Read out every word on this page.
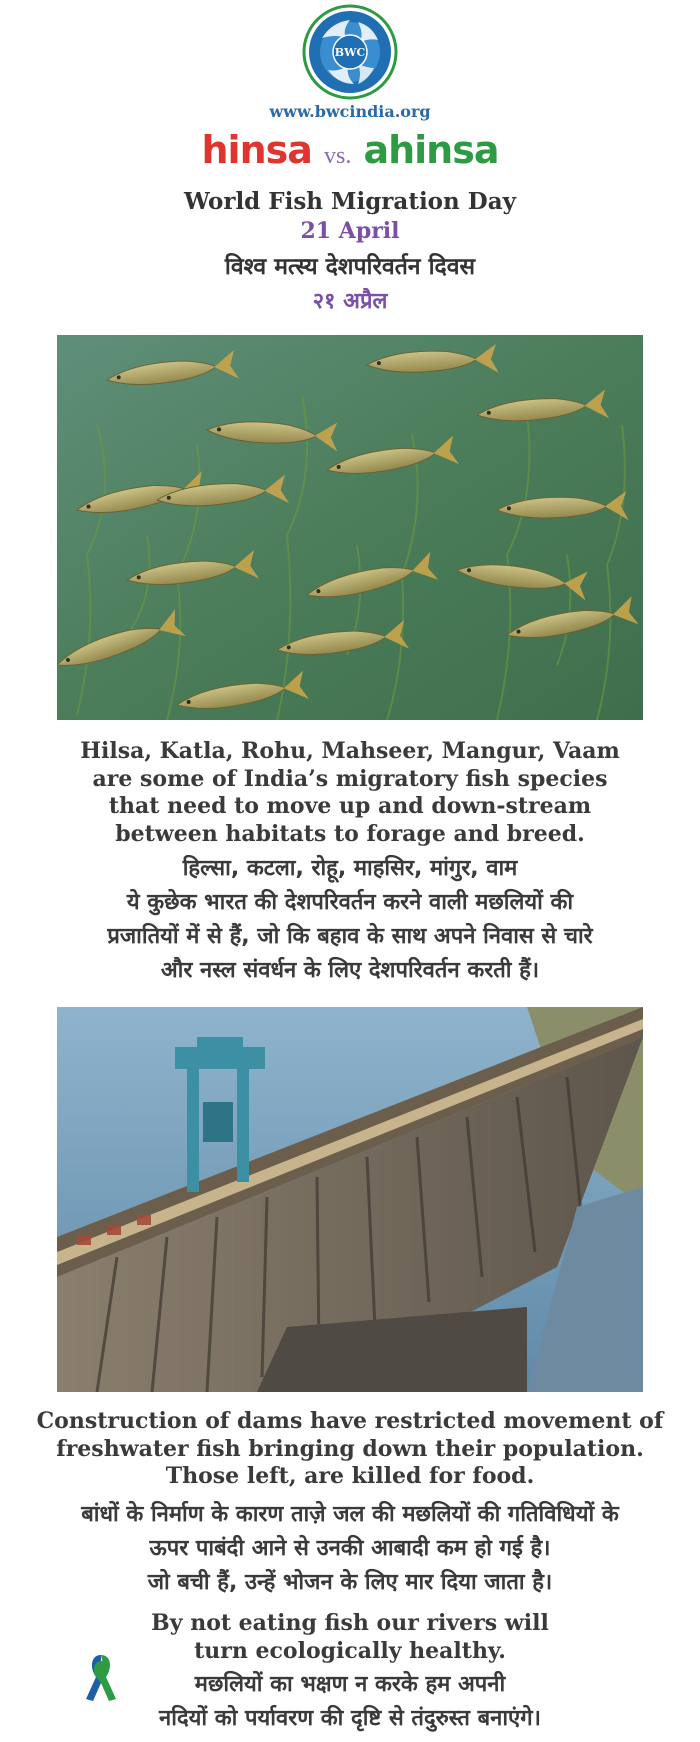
BWC
www.bwcindia.org
hinsa vs. ahinsa
World Fish Migration Day
21 April
विश्व मत्स्य देशपरिवर्तन दिवस
२१ अप्रैल
Hilsa, Katla, Rohu, Mahseer, Mangur, Vaam
are some of India’s migratory fish species
that need to move up and down-stream
between habitats to forage and breed.
हिल्सा, कटला, रोहू, माहसिर, मांगुर, वाम
ये कुछेक भारत की देशपरिवर्तन करने वाली मछलियों की
प्रजातियों में से हैं, जो कि बहाव के साथ अपने निवास से चारे
और नस्ल संवर्धन के लिए देशपरिवर्तन करती हैं।
Construction of dams have restricted movement of
freshwater fish bringing down their population.
Those left, are killed for food.
बांधों के निर्माण के कारण ताज़े जल की मछलियों की गतिविधियों के
ऊपर पाबंदी आने से उनकी आबादी कम हो गई है।
जो बची हैं, उन्हें भोजन के लिए मार दिया जाता है।
By not eating fish our rivers will
turn ecologically healthy.
मछलियों का भक्षण न करके हम अपनी
नदियों को पर्यावरण की दृष्टि से तंदुरुस्त बनाएंगे।
